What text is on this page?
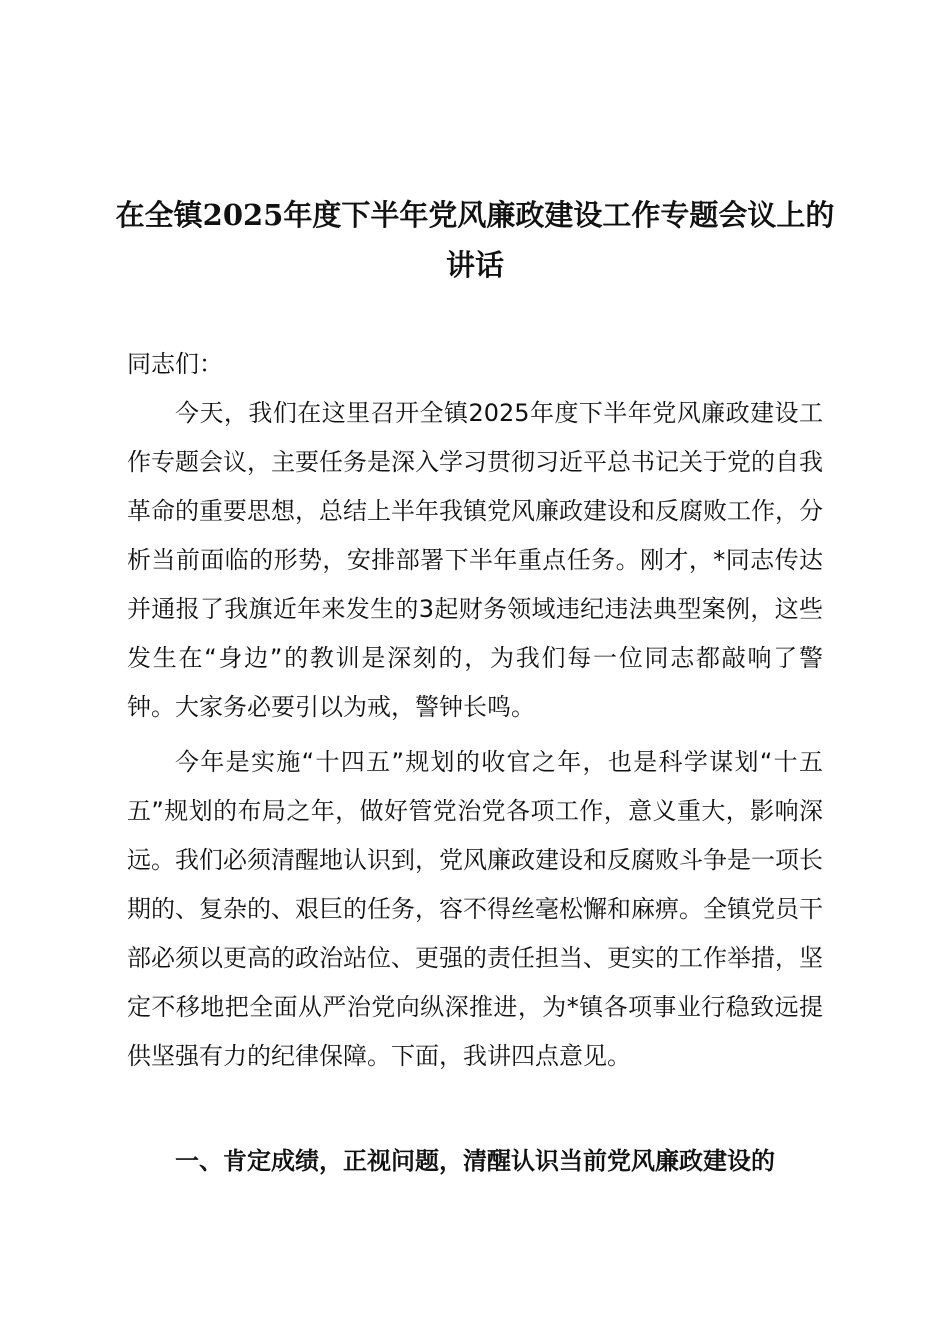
在全镇2025年度下半年党风廉政建设工作专题会议上的讲话

同志们：

今天，我们在这里召开全镇2025年度下半年党风廉政建设工作专题会议，主要任务是深入学习贯彻习近平总书记关于党的自我革命的重要思想，总结上半年我镇党风廉政建设和反腐败工作，分析当前面临的形势，安排部署下半年重点任务。刚才，*同志传达并通报了我旗近年来发生的3起财务领域违纪违法典型案例，这些发生在“身边”的教训是深刻的，为我们每一位同志都敲响了警钟。大家务必要引以为戒，警钟长鸣。

今年是实施“十四五”规划的收官之年，也是科学谋划“十五五”规划的布局之年，做好管党治党各项工作，意义重大，影响深远。我们必须清醒地认识到，党风廉政建设和反腐败斗争是一项长期的、复杂的、艰巨的任务，容不得丝毫松懈和麻痹。全镇党员干部必须以更高的政治站位、更强的责任担当、更实的工作举措，坚定不移地把全面从严治党向纵深推进，为*镇各项事业行稳致远提供坚强有力的纪律保障。下面，我讲四点意见。

一、肯定成绩，正视问题，清醒认识当前党风廉政建设的
